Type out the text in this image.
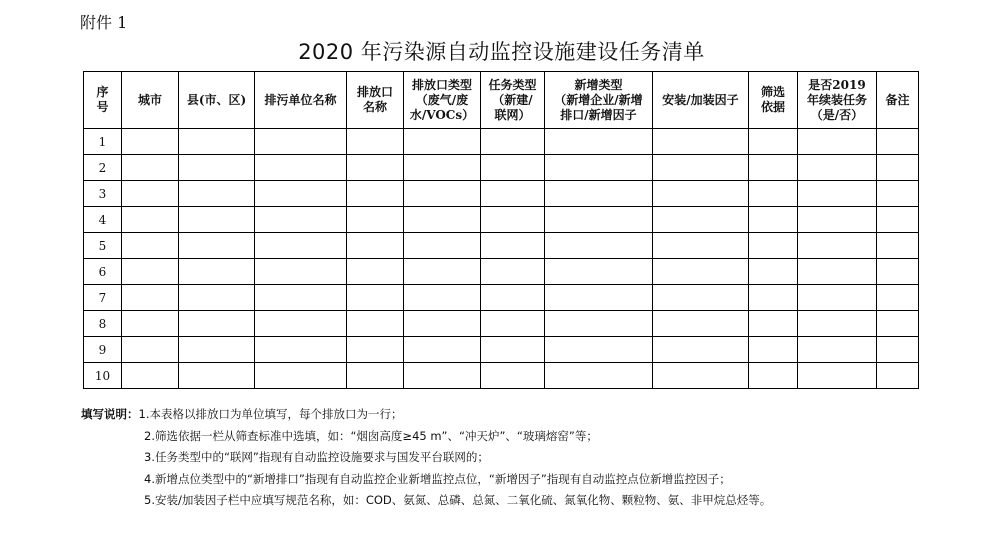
附件 1
2020 年污染源自动监控设施建设任务清单
序
号	城市	县(市、区)	排污单位名称	排放口
名称	排放口类型
（废气/废
水/VOCs）	任务类型
（新建/
联网）	新增类型
（新增企业/新增
排口/新增因子	安装/加装因子	筛选
依据	是否2019
年续装任务
（是/否）	备注

1											
2											
3											
4											
5											
6											
7											
8											
9											
10											
填写说明：1.本表格以排放口为单位填写，每个排放口为一行；
2.筛选依据一栏从筛查标准中选填，如：“烟囱高度≥45 m”、“冲天炉”、“玻璃熔窑”等；
3.任务类型中的“联网”指现有自动监控设施要求与国发平台联网的；
4.新增点位类型中的“新增排口”指现有自动监控企业新增监控点位，“新增因子”指现有自动监控点位新增监控因子；
5.安装/加装因子栏中应填写规范名称，如：COD、氨氮、总磷、总氮、二氧化硫、氮氧化物、颗粒物、氨、非甲烷总烃等。
